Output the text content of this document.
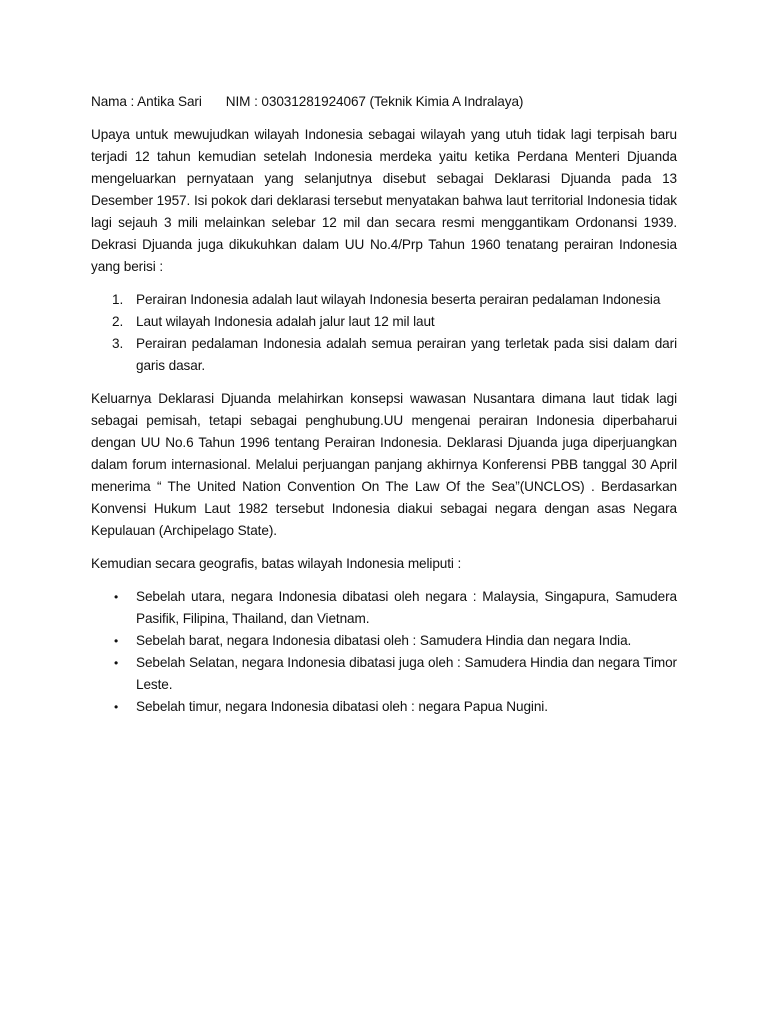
Nama : Antika Sari NIM : 03031281924067 (Teknik Kimia A Indralaya)

Upaya untuk mewujudkan wilayah Indonesia sebagai wilayah yang utuh tidak lagi terpisah baru terjadi 12 tahun kemudian setelah Indonesia merdeka yaitu ketika Perdana Menteri Djuanda mengeluarkan pernyataan yang selanjutnya disebut sebagai Deklarasi Djuanda pada 13 Desember 1957. Isi pokok dari deklarasi tersebut menyatakan bahwa laut territorial Indonesia tidak lagi sejauh 3 mili melainkan selebar 12 mil dan secara resmi menggantikam Ordonansi 1939. Dekrasi Djuanda juga dikukuhkan dalam UU No.4/Prp Tahun 1960 tenatang perairan Indonesia yang berisi :

1. Perairan Indonesia adalah laut wilayah Indonesia beserta perairan pedalaman Indonesia
2. Laut wilayah Indonesia adalah jalur laut 12 mil laut
3. Perairan pedalaman Indonesia adalah semua perairan yang terletak pada sisi dalam dari garis dasar.

Keluarnya Deklarasi Djuanda melahirkan konsepsi wawasan Nusantara dimana laut tidak lagi sebagai pemisah, tetapi sebagai penghubung.UU mengenai perairan Indonesia diperbaharui dengan UU No.6 Tahun 1996 tentang Perairan Indonesia. Deklarasi Djuanda juga diperjuangkan dalam forum internasional. Melalui perjuangan panjang akhirnya Konferensi PBB tanggal 30 April menerima “ The United Nation Convention On The Law Of the Sea”(UNCLOS) . Berdasarkan Konvensi Hukum Laut 1982 tersebut Indonesia diakui sebagai negara dengan asas Negara Kepulauan (Archipelago State).

Kemudian secara geografis, batas wilayah Indonesia meliputi :

• Sebelah utara, negara Indonesia dibatasi oleh negara : Malaysia, Singapura, Samudera Pasifik, Filipina, Thailand, dan Vietnam.
• Sebelah barat, negara Indonesia dibatasi oleh : Samudera Hindia dan negara India.
• Sebelah Selatan, negara Indonesia dibatasi juga oleh : Samudera Hindia dan negara Timor Leste.
• Sebelah timur, negara Indonesia dibatasi oleh : negara Papua Nugini.
